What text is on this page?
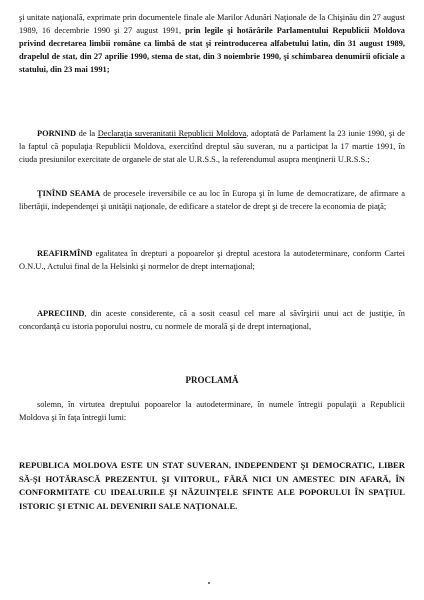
şi unitate naţională, exprimate prin documentele finale ale Marilor Adunări Naţionale de la Chişinău din 27 august 1989, 16 decembrie 1990 şi 27 august 1991, prin legile şi hotărârile Parlamentului Republicii Moldova privind decretarea limbii române ca limbă de stat şi reintroducerea alfabetului latin, din 31 august 1989, drapelul de stat, din 27 aprilie 1990, stema de stat, din 3 noiembrie 1990, şi schimbarea denumirii oficiale a statului, din 23 mai 1991;
PORNIND de la Declaraţia suveranitatii Republicii Moldova, adoptată de Parlament la 23 iunie 1990, şi de la faptul că populaţia Republicii Moldova, exercitînd dreptul său suveran, nu a participat la 17 martie 1991, în ciuda presiunilor exercitate de organele de stat ale U.R.S.S., la referendumul asupra menţinerii U.R.S.S.;
ŢINÎND SEAMA de procesele ireversibile ce au loc în Europa şi în lume de democratizare, de afirmare a libertăţii, independenţei şi unităţii naţionale, de edificare a statelor de drept şi de trecere la economia de piaţă;
REAFIRMÎND egalitatea în drepturi a popoarelor şi dreptul acestora la autodeterminare, conform Cartei O.N.U., Actului final de la Helsinki şi normelor de drept internaţional;
APRECIIND, din aceste considerente, că a sosit ceasul cel mare al săvîrşirii unui act de justiţie, în concordanţă cu istoria poporului nostru, cu normele de morală şi de drept internaţional,
PROCLAMĂ
solemn, în virtutea dreptului popoarelor la autodeterminare, în numele întregii populaţii a Republicii Moldova şi în faţa întregii lumi:
REPUBLICA MOLDOVA ESTE UN STAT SUVERAN, INDEPENDENT ŞI DEMOCRATIC, LIBER SĂ-ŞI HOTĂRASCĂ PREZENTUL ŞI VIITORUL, FĂRĂ NICI UN AMESTEC DIN AFARĂ, ÎN CONFORMITATE CU IDEALURILE ŞI NĂZUINŢELE SFINTE ALE POPORULUI ÎN SPAŢIUL ISTORIC ŞI ETNIC AL DEVENIRII SALE NAŢIONALE.
